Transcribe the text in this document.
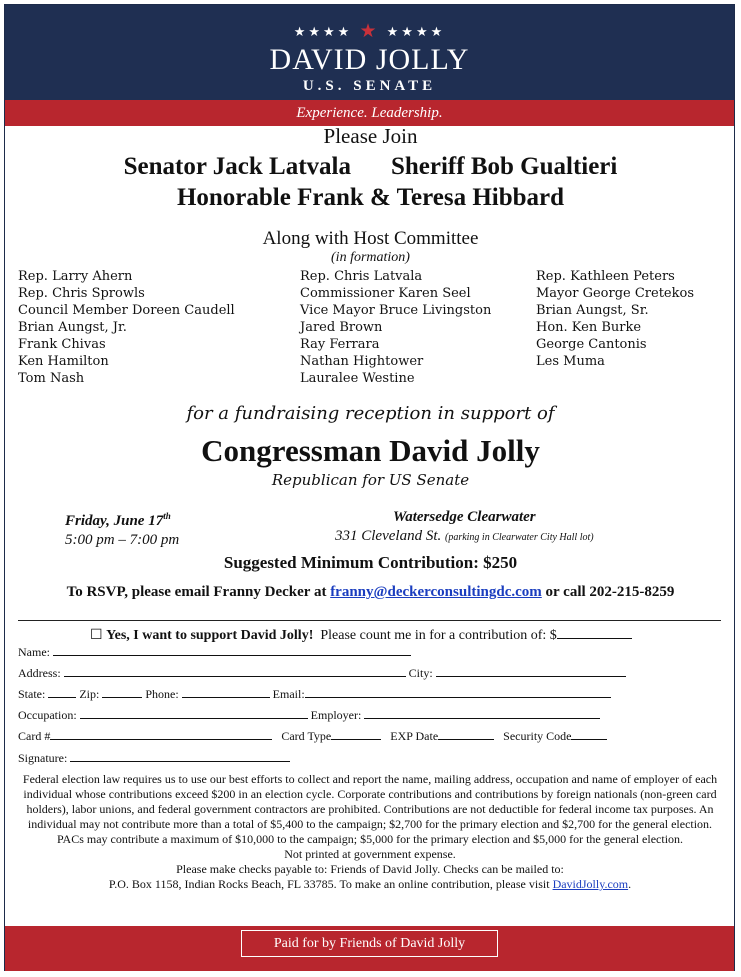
★★★★ ★ ★★★★
DAVID JOLLY
U.S. SENATE
Experience. Leadership.
Please Join
Senator Jack Latvala Sheriff Bob Gualtieri
Honorable Frank & Teresa Hibbard
Along with Host Committee
(in formation)
Rep. Larry Ahern
Rep. Chris Sprowls
Council Member Doreen Caudell
Brian Aungst, Jr.
Frank Chivas
Ken Hamilton
Tom Nash
Rep. Chris Latvala
Commissioner Karen Seel
Vice Mayor Bruce Livingston
Jared Brown
Ray Ferrara
Nathan Hightower
Lauralee Westine
Rep. Kathleen Peters
Mayor George Cretekos
Brian Aungst, Sr.
Hon. Ken Burke
George Cantonis
Les Muma
for a fundraising reception in support of
Congressman David Jolly
Republican for US Senate
Friday, June 17th
5:00 pm – 7:00 pm
Watersedge Clearwater
331 Cleveland St. (parking in Clearwater City Hall lot)
Suggested Minimum Contribution: $250
To RSVP, please email Franny Decker at franny@deckerconsultingdc.com or call 202-215-8259
☐ Yes, I want to support David Jolly! Please count me in for a contribution of: $
Name:
Address:	City:
State:	Zip:	Phone:	Email:
Occupation:	Employer:
Card #	Card Type	EXP Date	Security Code
Signature:
Federal election law requires us to use our best efforts to collect and report the name, mailing address, occupation and name of employer of each individual whose contributions exceed $200 in an election cycle. Corporate contributions and contributions by foreign nationals (non-green card holders), labor unions, and federal government contractors are prohibited. Contributions are not deductible for federal income tax purposes. An individual may not contribute more than a total of $5,400 to the campaign; $2,700 for the primary election and $2,700 for the general election. PACs may contribute a maximum of $10,000 to the campaign; $5,000 for the primary election and $5,000 for the general election.
Not printed at government expense.
Please make checks payable to: Friends of David Jolly. Checks can be mailed to:
P.O. Box 1158, Indian Rocks Beach, FL 33785. To make an online contribution, please visit DavidJolly.com.
Paid for by Friends of David Jolly
